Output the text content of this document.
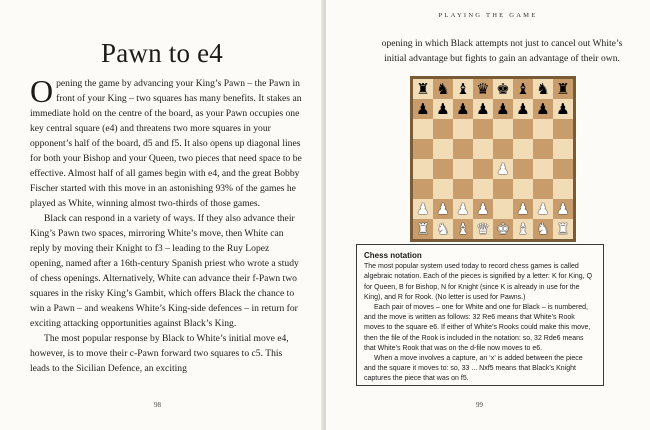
Pawn to e4

Opening the game by advancing your King’s Pawn – the Pawn in front of your King – two squares has many benefits. It stakes an immediate hold on the centre of the board, as your Pawn occupies one key central square (e4) and threatens two more squares in your opponent’s half of the board, d5 and f5. It also opens up diagonal lines for both your Bishop and your Queen, two pieces that need space to be effective. Almost half of all games begin with e4, and the great Bobby Fischer started with this move in an astonishing 93% of the games he played as White, winning almost two-thirds of those games.

Black can respond in a variety of ways. If they also advance their King’s Pawn two spaces, mirroring White’s move, then White can reply by moving their Knight to f3 – leading to the Ruy Lopez opening, named after a 16th-century Spanish priest who wrote a study of chess openings. Alternatively, White can advance their f-Pawn two squares in the risky King’s Gambit, which offers Black the chance to win a Pawn – and weakens White’s King-side defences – in return for exciting attacking opportunities against Black’s King.

The most popular response by Black to White’s initial move e4, however, is to move their c-Pawn forward two squares to c5. This leads to the Sicilian Defence, an exciting

98
PLAYING THE GAME
opening in which Black attempts not just to cancel out White’s initial advantage but fights to gain an advantage of their own.
♜ ♞ ♝ ♛ ♚ ♝ ♞ ♜
♟ ♟ ♟ ♟ ♟ ♟ ♟ ♟
♟
♟ ♟ ♟ ♟ ♟ ♟ ♟
♜ ♞ ♝ ♛ ♚ ♝ ♞ ♜
Chess notation

The most popular system used today to record chess games is called algebraic notation. Each of the pieces is signified by a letter: K for King, Q for Queen, B for Bishop, N for Knight (since K is already in use for the King), and R for Rook. (No letter is used for Pawns.)

Each pair of moves – one for White and one for Black – is numbered, and the move is written as follows: 32 Re6 means that White’s Rook moves to the square e6. If either of White’s Rooks could make this move, then the file of the Rook is included in the notation: so, 32 Rde6 means that White’s Rook that was on the d-file now moves to e6.

When a move involves a capture, an ‘x’ is added between the piece and the square it moves to: so, 33 ... Nxf5 means that Black’s Knight captures the piece that was on f5.

99
